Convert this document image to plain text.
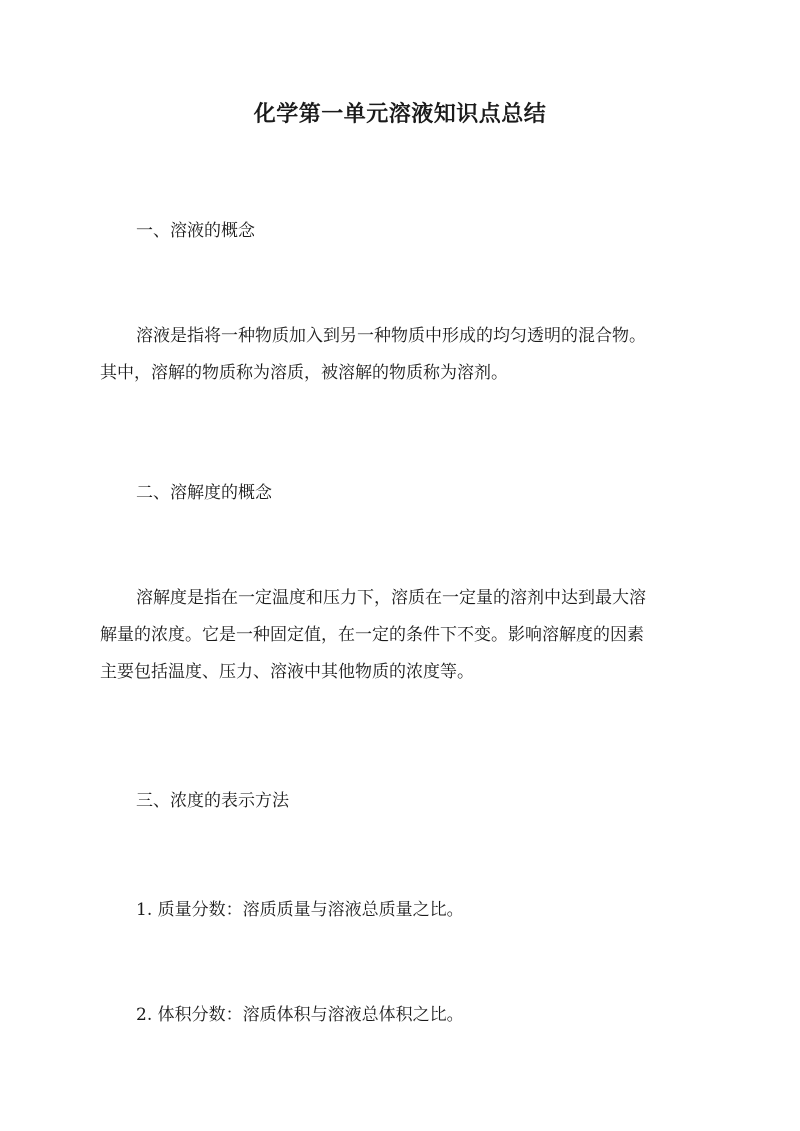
化学第一单元溶液知识点总结
一、溶液的概念
溶液是指将一种物质加入到另一种物质中形成的均匀透明的混合物。
其中，溶解的物质称为溶质，被溶解的物质称为溶剂。
二、溶解度的概念
溶解度是指在一定温度和压力下，溶质在一定量的溶剂中达到最大溶
解量的浓度。它是一种固定值，在一定的条件下不变。影响溶解度的因素
主要包括温度、压力、溶液中其他物质的浓度等。
三、浓度的表示方法
1. 质量分数：溶质质量与溶液总质量之比。
2. 体积分数：溶质体积与溶液总体积之比。
